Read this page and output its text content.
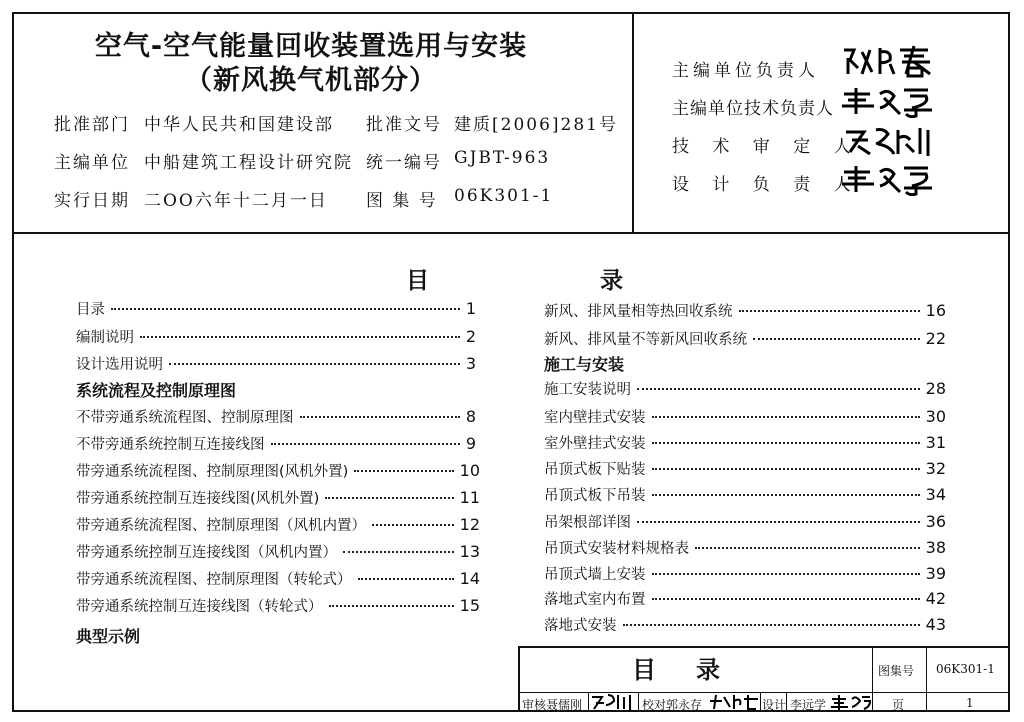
空气-空气能量回收装置选用与安装
（新风换气机部分）
批准部门 中华人民共和国建设部 批准文号 建质[2006]281号
主编单位 中船建筑工程设计研究院 统一编号 GJBT-963
实行日期 二ΟΟ六年十二月一日 图 集 号 06K301-1
主编单位负责人
主编单位技术负责人
技 术 审 定 人
设 计 负 责 人
目	录
目录	1
编制说明	2
设计选用说明	3
系统流程及控制原理图
不带旁通系统流程图、控制原理图	8
不带旁通系统控制互连接线图	9
带旁通系统流程图、控制原理图(风机外置)	10
带旁通系统控制互连接线图(风机外置)	11
带旁通系统流程图、控制原理图（风机内置）	12
带旁通系统控制互连接线图（风机内置）	13
带旁通系统流程图、控制原理图（转轮式）	14
带旁通系统控制互连接线图（转轮式）	15
典型示例
新风、排风量相等热回收系统	16
新风、排风量不等新风回收系统	22
施工与安装
施工安装说明	28
室内壁挂式安装	30
室外壁挂式安装	31
吊顶式板下贴装	32
吊顶式板下吊装	34
吊架根部详图	36
吊顶式安装材料规格表	38
吊顶式墙上安装	39
落地式室内布置	42
落地式安装	43
目录	图集号 06K301-1
审核 聂儒刚	校对 郭永存	设计 李远学	页	1
